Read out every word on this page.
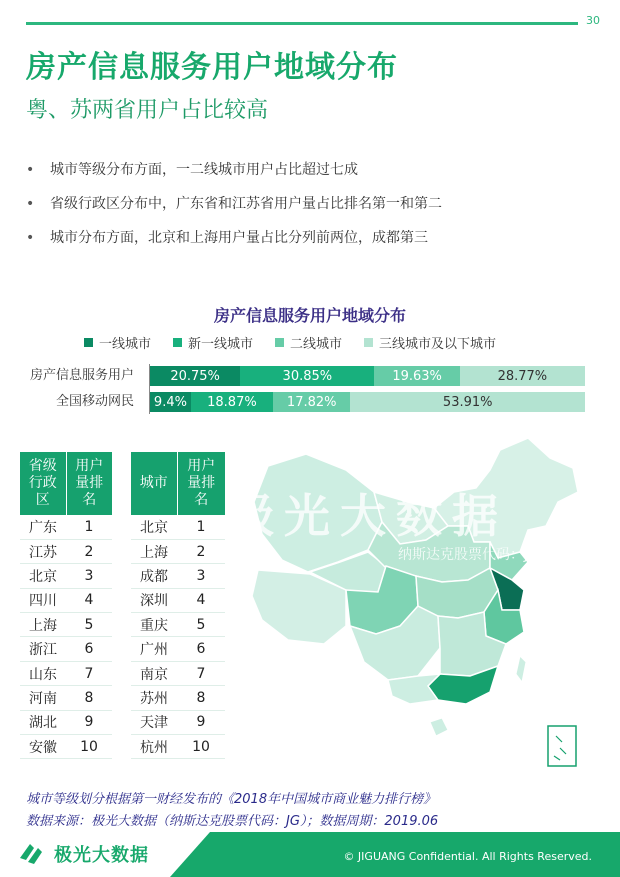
30
房产信息服务用户地域分布
粤、苏两省用户占比较高
• 城市等级分布方面，一二线城市用户占比超过七成
• 省级行政区分布中，广东省和江苏省用户量占比排名第一和第二
• 城市分布方面，北京和上海用户量占比分列前两位，成都第三
房产信息服务用户地域分布
一线城市	新一线城市	二线城市	三线城市及以下城市
房产信息服务用户	20.75%	30.85%	19.63%	28.77%
全国移动网民	9.4%	18.87%	17.82%	53.91%
极光大数据
纳斯达克股票代码：JG
省级
行政
区	用户
量排
名
广东	1
江苏	2
北京	3
四川	4
上海	5
浙江	6
山东	7
河南	8
湖北	9
安徽	10
城市	用户
量排
名
北京	1
上海	2
成都	3
深圳	4
重庆	5
广州	6
南京	7
苏州	8
天津	9
杭州	10
城市等级划分根据第一财经发布的《2018年中国城市商业魅力排行榜》
数据来源：极光大数据（纳斯达克股票代码：JG）；数据周期：2019.06
极光大数据	© JIGUANG Confidential. All Rights Reserved.
